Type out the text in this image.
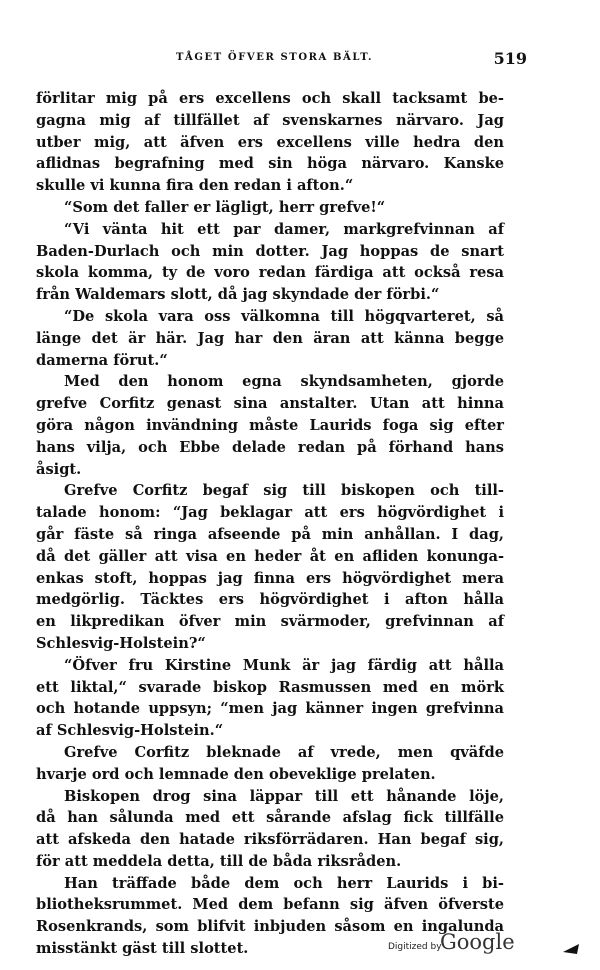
TÅGET ÖFVER STORA BÄLT.	519
förlitar mig på ers excellens och skall tacksamt be-
gagna mig af tillfället af svenskarnes närvaro. Jag
utber mig, att äfven ers excellens ville hedra den
aflidnas begrafning med sin höga närvaro. Kanske
skulle vi kunna fira den redan i afton.“
“Som det faller er lägligt, herr grefve!“
“Vi vänta hit ett par damer, markgrefvinnan af
Baden-Durlach och min dotter. Jag hoppas de snart
skola komma, ty de voro redan färdiga att också resa
från Waldemars slott, då jag skyndade der förbi.“
“De skola vara oss välkomna till högqvarteret, så
länge det är här. Jag har den äran att känna begge
damerna förut.“
Med den honom egna skyndsamheten, gjorde
grefve Corfitz genast sina anstalter. Utan att hinna
göra någon invändning måste Laurids foga sig efter
hans vilja, och Ebbe delade redan på förhand hans
åsigt.
Grefve Corfitz begaf sig till biskopen och till-
talade honom: “Jag beklagar att ers högvördighet i
går fäste så ringa afseende på min anhållan. I dag,
då det gäller att visa en heder åt en afliden konunga-
enkas stoft, hoppas jag finna ers högvördighet mera
medgörlig. Täcktes ers högvördighet i afton hålla
en likpredikan öfver min svärmoder, grefvinnan af
Schlesvig-Holstein?“
“Öfver fru Kirstine Munk är jag färdig att hålla
ett liktal,“ svarade biskop Rasmussen med en mörk
och hotande uppsyn; “men jag känner ingen grefvinna
af Schlesvig-Holstein.“
Grefve Corfitz bleknade af vrede, men qväfde
hvarje ord och lemnade den obeveklige prelaten.
Biskopen drog sina läppar till ett hånande löje,
då han sålunda med ett sårande afslag fick tillfälle
att afskeda den hatade riksförrädaren. Han begaf sig,
för att meddela detta, till de båda riksråden.
Han träffade både dem och herr Laurids i bi-
bliotheksrummet. Med dem befann sig äfven öfverste
Rosenkrands, som blifvit inbjuden såsom en ingalunda
misstänkt gäst till slottet.	Digitized by
Google
